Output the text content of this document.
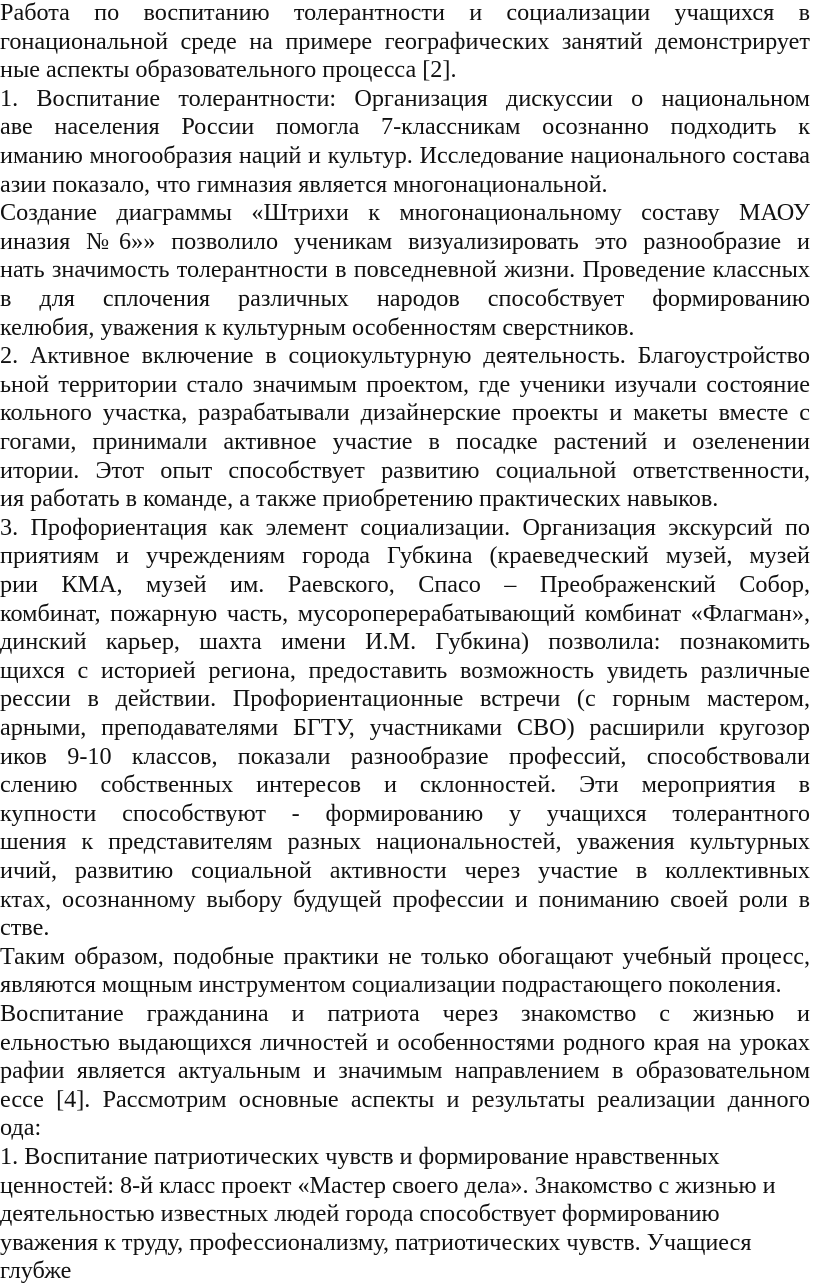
Работа по воспитанию толерантности и социализации учащихся в
гонациональной среде на примере географических занятий демонстрирует
ные аспекты образовательного процесса [2].
1. Воспитание толерантности: Организация дискуссии о национальном
аве населения России помогла 7-классникам осознанно подходить к
иманию многообразия наций и культур. Исследование национального состава
азии показало, что гимназия является многонациональной.
Создание диаграммы «Штрихи к многонациональному составу МАОУ
иназия №6»» позволило ученикам визуализировать это разнообразие и
нать значимость толерантности в повседневной жизни. Проведение классных
в для сплочения различных народов способствует формированию
келюбия, уважения к культурным особенностям сверстников.
2. Активное включение в социокультурную деятельность. Благоустройство
ьной территории стало значимым проектом, где ученики изучали состояние
кольного участка, разрабатывали дизайнерские проекты и макеты вместе с
гогами, принимали активное участие в посадке растений и озеленении
итории. Этот опыт способствует развитию социальной ответственности,
ия работать в команде, а также приобретению практических навыков.
3. Профориентация как элемент социализации. Организация экскурсий по
приятиям и учреждениям города Губкина (краеведческий музей, музей
рии КМА, музей им. Раевского, Спасо – Преображенский Собор,
комбинат, пожарную часть, мусороперерабатывающий комбинат «Флагман»,
динский карьер, шахта имени И.М. Губкина) позволила: познакомить
щихся с историей региона, предоставить возможность увидеть различные
рессии в действии. Профориентационные встречи (с горным мастером,
арными, преподавателями БГТУ, участниками СВО) расширили кругозор
иков 9-10 классов, показали разнообразие профессий, способствовали
слению собственных интересов и склонностей. Эти мероприятия в
купности способствуют - формированию у учащихся толерантного
шения к представителям разных национальностей, уважения культурных
ичий, развитию социальной активности через участие в коллективных
ктах, осознанному выбору будущей профессии и пониманию своей роли в
стве.
Таким образом, подобные практики не только обогащают учебный процесс,
являются мощным инструментом социализации подрастающего поколения.
Воспитание гражданина и патриота через знакомство с жизнью и
ельностью выдающихся личностей и особенностями родного края на уроках
рафии является актуальным и значимым направлением в образовательном
ессе [4]. Рассмотрим основные аспекты и результаты реализации данного
ода:
1. Воспитание патриотических чувств и формирование нравственных
ценностей: 8-й класс проект «Мастер своего дела». Знакомство с жизнью и
деятельностью известных людей города способствует формированию
уважения к труду, профессионализму, патриотических чувств. Учащиеся
глубже
